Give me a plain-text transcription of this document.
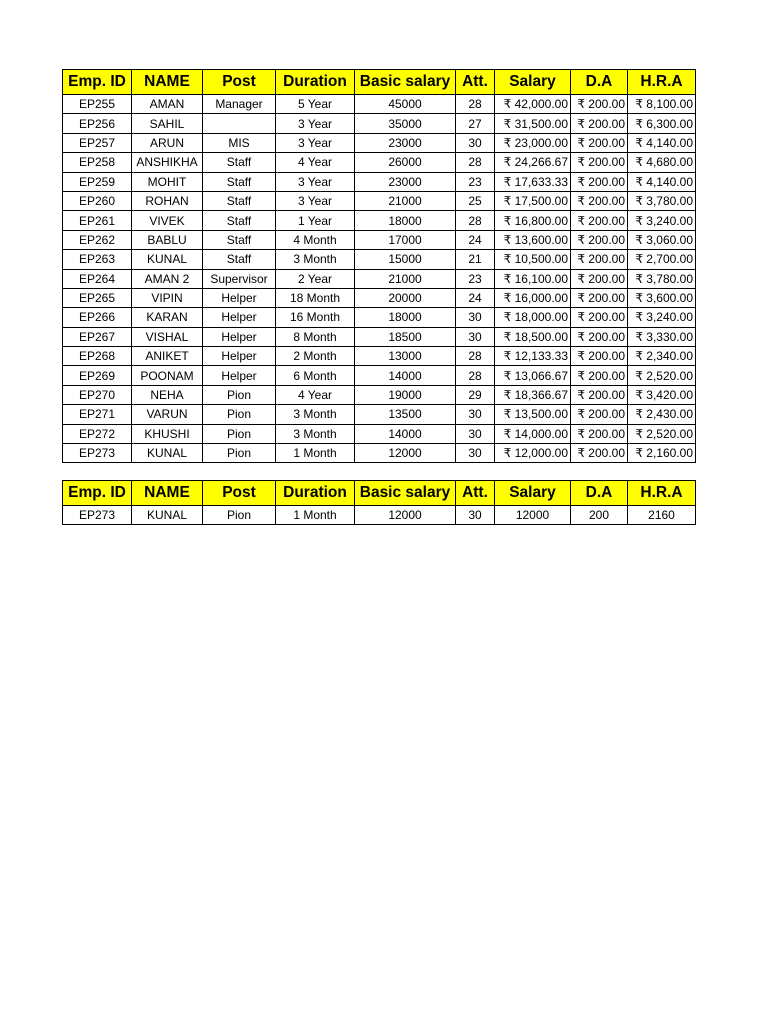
Emp. ID	NAME	Post	Duration	Basic salary	Att.	Salary	D.A	H.R.A
EP255	AMAN	Manager	5 Year	45000	28	₹ 42,000.00	₹ 200.00	₹ 8,100.00
EP256	SAHIL		3 Year	35000	27	₹ 31,500.00	₹ 200.00	₹ 6,300.00
EP257	ARUN	MIS	3 Year	23000	30	₹ 23,000.00	₹ 200.00	₹ 4,140.00
EP258	ANSHIKHA	Staff	4 Year	26000	28	₹ 24,266.67	₹ 200.00	₹ 4,680.00
EP259	MOHIT	Staff	3 Year	23000	23	₹ 17,633.33	₹ 200.00	₹ 4,140.00
EP260	ROHAN	Staff	3 Year	21000	25	₹ 17,500.00	₹ 200.00	₹ 3,780.00
EP261	VIVEK	Staff	1 Year	18000	28	₹ 16,800.00	₹ 200.00	₹ 3,240.00
EP262	BABLU	Staff	4 Month	17000	24	₹ 13,600.00	₹ 200.00	₹ 3,060.00
EP263	KUNAL	Staff	3 Month	15000	21	₹ 10,500.00	₹ 200.00	₹ 2,700.00
EP264	AMAN 2	Supervisor	2 Year	21000	23	₹ 16,100.00	₹ 200.00	₹ 3,780.00
EP265	VIPIN	Helper	18 Month	20000	24	₹ 16,000.00	₹ 200.00	₹ 3,600.00
EP266	KARAN	Helper	16 Month	18000	30	₹ 18,000.00	₹ 200.00	₹ 3,240.00
EP267	VISHAL	Helper	8 Month	18500	30	₹ 18,500.00	₹ 200.00	₹ 3,330.00
EP268	ANIKET	Helper	2 Month	13000	28	₹ 12,133.33	₹ 200.00	₹ 2,340.00
EP269	POONAM	Helper	6 Month	14000	28	₹ 13,066.67	₹ 200.00	₹ 2,520.00
EP270	NEHA	Pion	4 Year	19000	29	₹ 18,366.67	₹ 200.00	₹ 3,420.00
EP271	VARUN	Pion	3 Month	13500	30	₹ 13,500.00	₹ 200.00	₹ 2,430.00
EP272	KHUSHI	Pion	3 Month	14000	30	₹ 14,000.00	₹ 200.00	₹ 2,520.00
EP273	KUNAL	Pion	1 Month	12000	30	₹ 12,000.00	₹ 200.00	₹ 2,160.00
Emp. ID	NAME	Post	Duration	Basic salary	Att.	Salary	D.A	H.R.A
EP273	KUNAL	Pion	1 Month	12000	30	12000	200	2160
